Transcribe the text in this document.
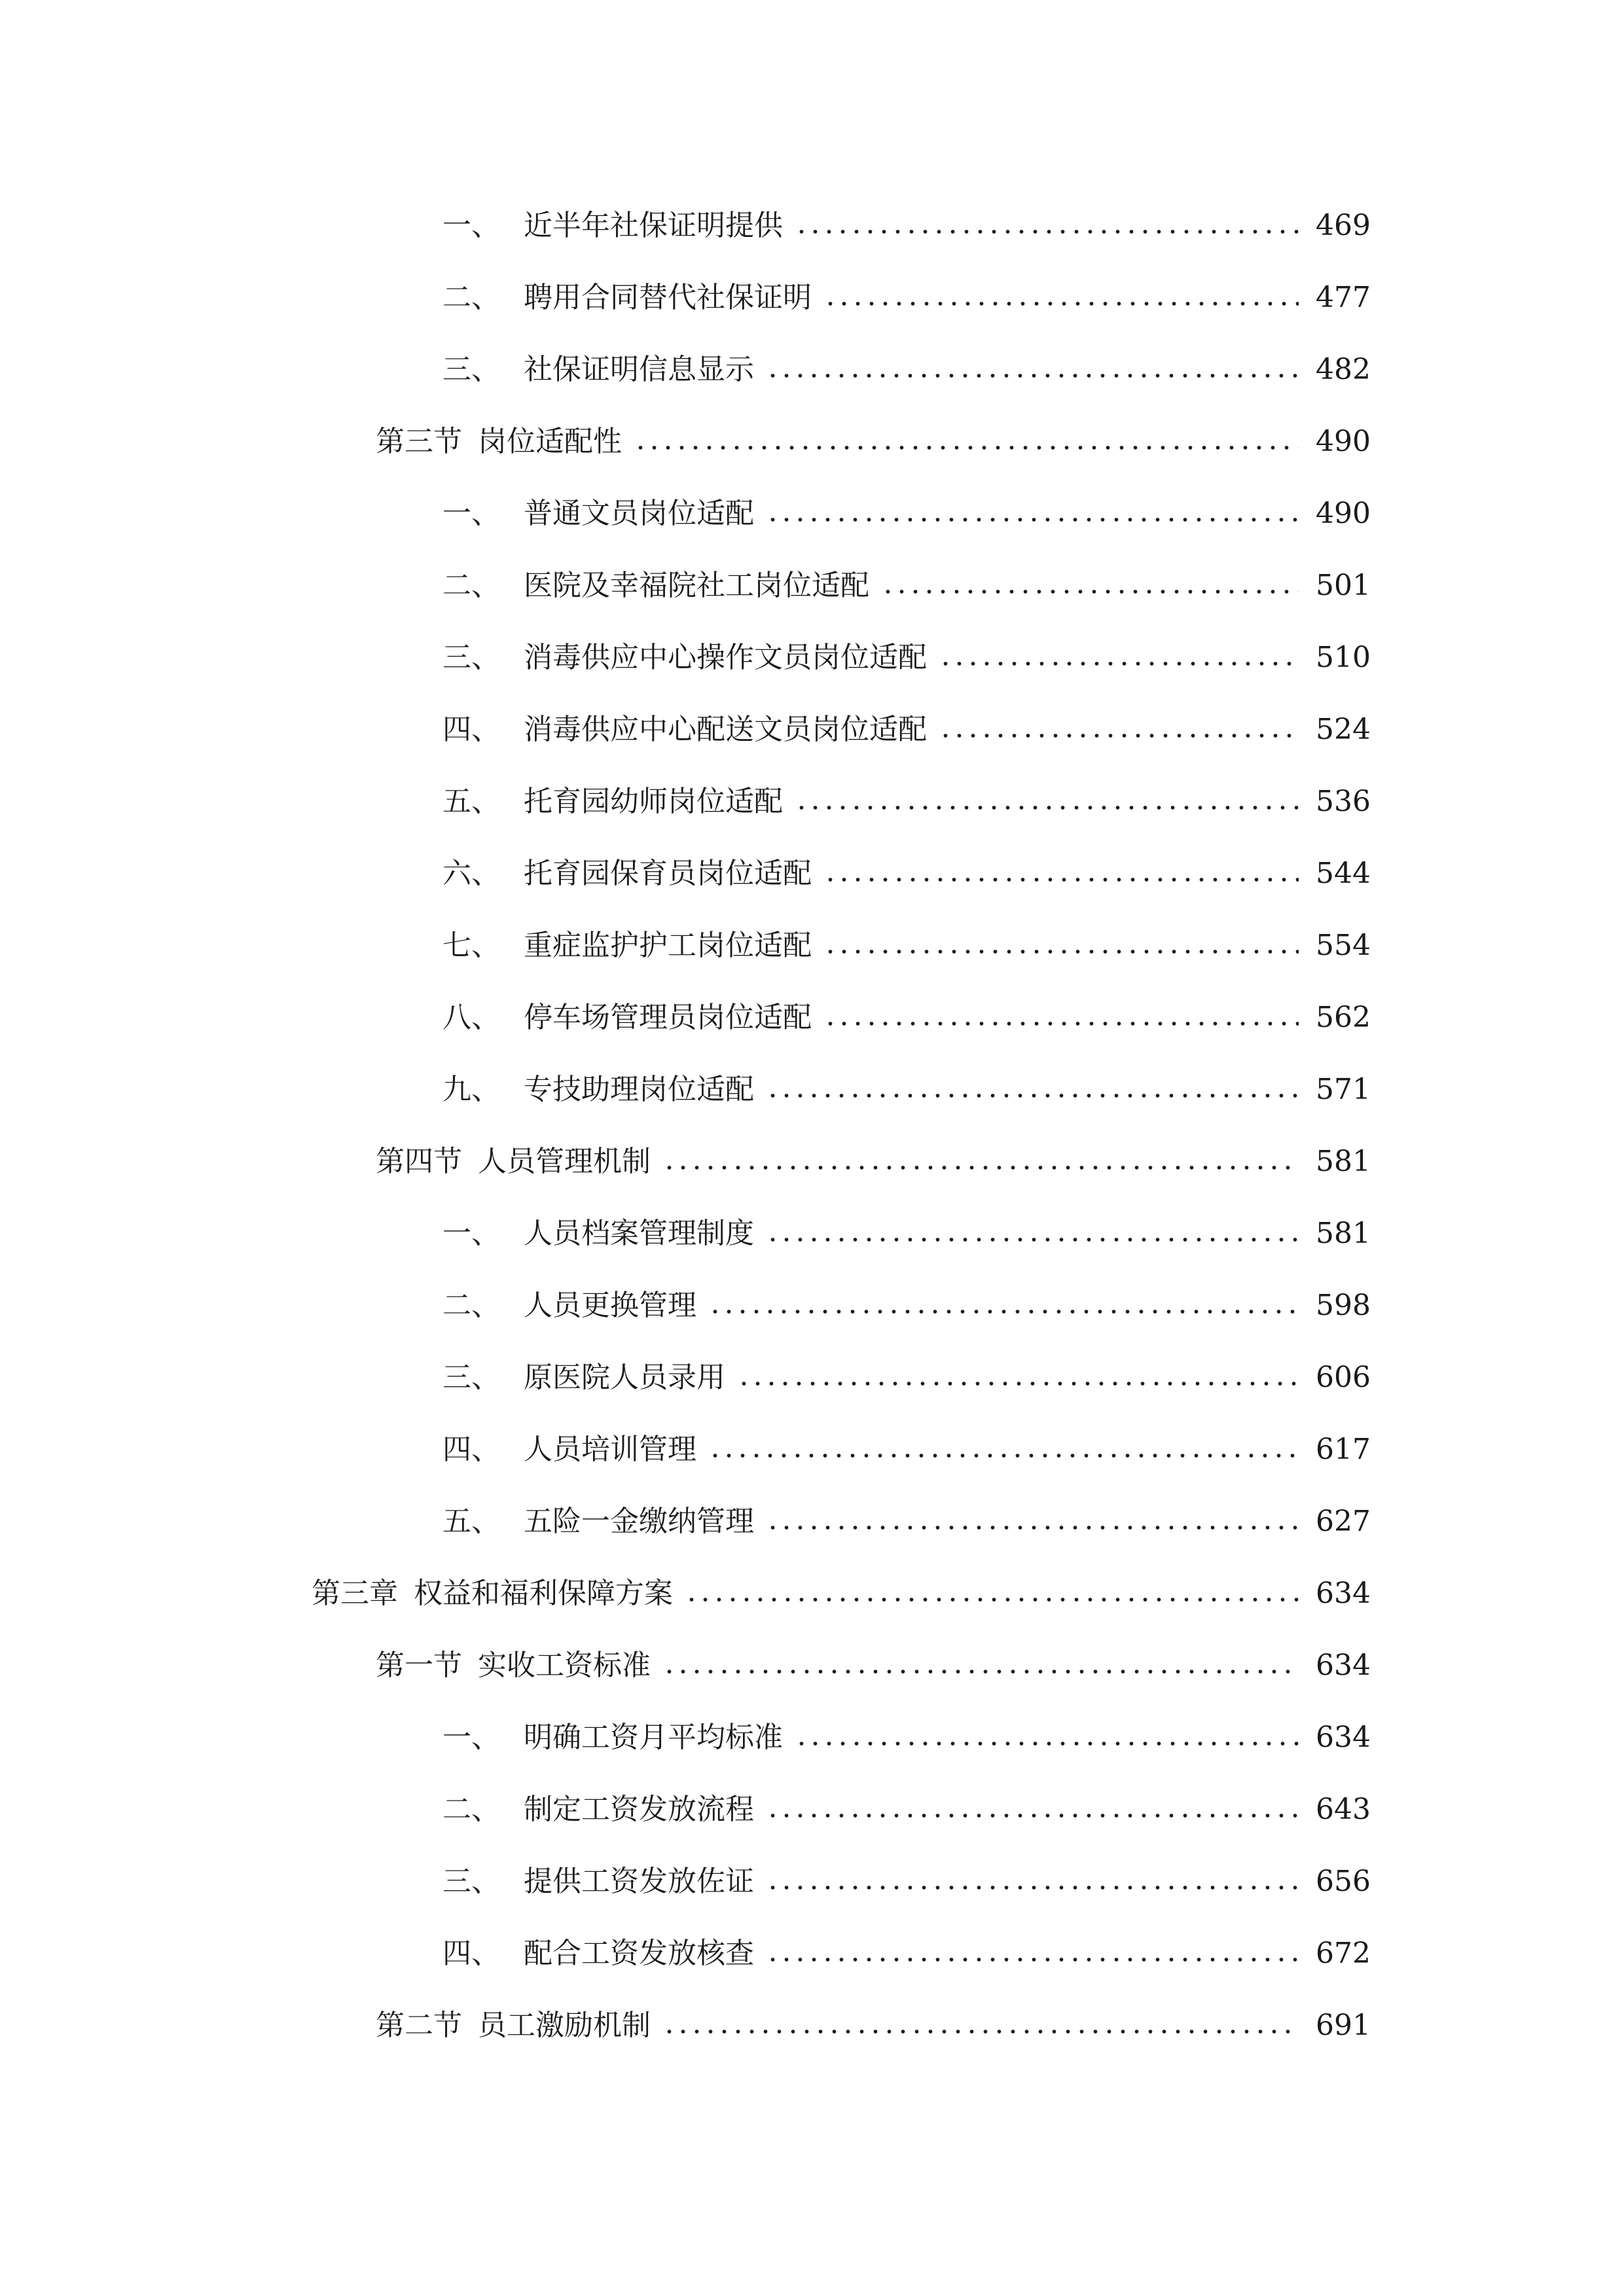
一、 近半年社保证明提供	469
二、 聘用合同替代社保证明	477
三、 社保证明信息显示	482
第三节 岗位适配性	490
一、 普通文员岗位适配	490
二、 医院及幸福院社工岗位适配	501
三、 消毒供应中心操作文员岗位适配	510
四、 消毒供应中心配送文员岗位适配	524
五、 托育园幼师岗位适配	536
六、 托育园保育员岗位适配	544
七、 重症监护护工岗位适配	554
八、 停车场管理员岗位适配	562
九、 专技助理岗位适配	571
第四节 人员管理机制	581
一、 人员档案管理制度	581
二、 人员更换管理	598
三、 原医院人员录用	606
四、 人员培训管理	617
五、 五险一金缴纳管理	627
第三章 权益和福利保障方案	634
第一节 实收工资标准	634
一、 明确工资月平均标准	634
二、 制定工资发放流程	643
三、 提供工资发放佐证	656
四、 配合工资发放核查	672
第二节 员工激励机制	691
